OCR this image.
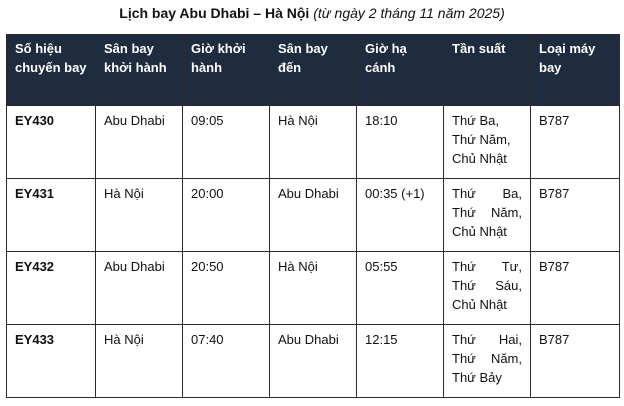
Lịch bay Abu Dhabi – Hà Nội (từ ngày 2 tháng 11 năm 2025)
Số hiệu chuyến bay	Sân bay khởi hành	Giờ khởi hành	Sân bay đến	Giờ hạ cánh	Tần suất	Loại máy bay
EY430	Abu Dhabi	09:05	Hà Nội	18:10	Thứ Ba,
Thứ Năm,
Chủ Nhật	B787
EY431	Hà Nội	20:00	Abu Dhabi	00:35 (+1)	Thứ Ba,
Thứ Năm,
Chủ Nhật	B787
EY432	Abu Dhabi	20:50	Hà Nội	05:55	Thứ Tư,
Thứ Sáu,
Chủ Nhật	B787
EY433	Hà Nội	07:40	Abu Dhabi	12:15	Thứ Hai,
Thứ Năm,
Thứ Bảy	B787
